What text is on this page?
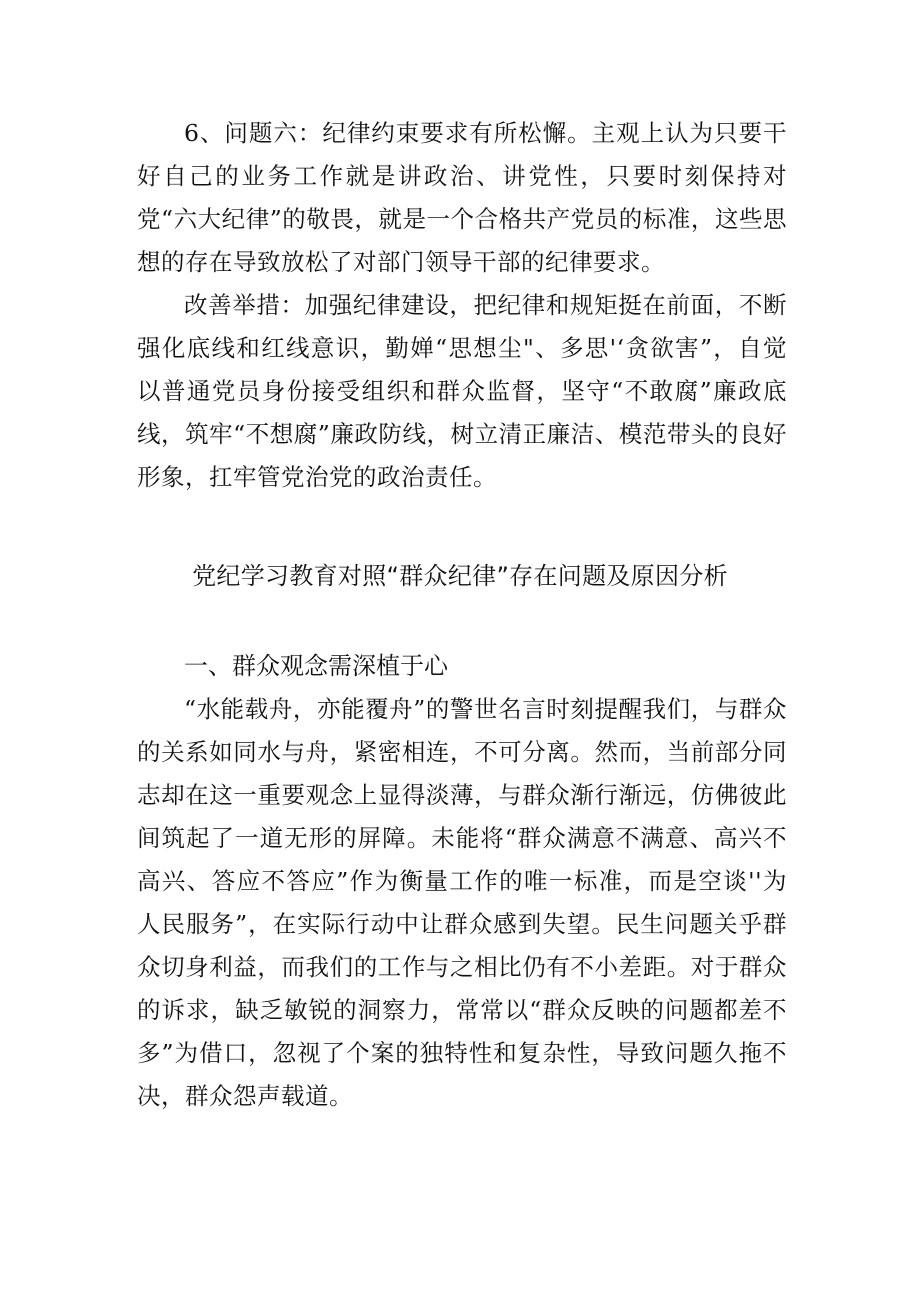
6、问题六：纪律约束要求有所松懈。主观上认为只要干好自己的业务工作就是讲政治、讲党性，只要时刻保持对党“六大纪律”的敬畏，就是一个合格共产党员的标准，这些思想的存在导致放松了对部门领导干部的纪律要求。

改善举措：加强纪律建设，把纪律和规矩挺在前面，不断强化底线和红线意识，勤婵“思想尘"、多思'‘贪欲害”，自觉以普通党员身份接受组织和群众监督，坚守“不敢腐”廉政底线，筑牢“不想腐”廉政防线，树立清正廉洁、模范带头的良好形象，扛牢管党治党的政治责任。

党纪学习教育对照“群众纪律”存在问题及原因分析
一、群众观念需深植于心

“水能载舟，亦能覆舟”的警世名言时刻提醒我们，与群众的关系如同水与舟，紧密相连，不可分离。然而，当前部分同志却在这一重要观念上显得淡薄，与群众渐行渐远，仿佛彼此间筑起了一道无形的屏障。未能将“群众满意不满意、高兴不高兴、答应不答应”作为衡量工作的唯一标准，而是空谈''为人民服务”，在实际行动中让群众感到失望。民生问题关乎群众切身利益，而我们的工作与之相比仍有不小差距。对于群众的诉求，缺乏敏锐的洞察力，常常以“群众反映的问题都差不多”为借口，忽视了个案的独特性和复杂性，导致问题久拖不决，群众怨声载道。
